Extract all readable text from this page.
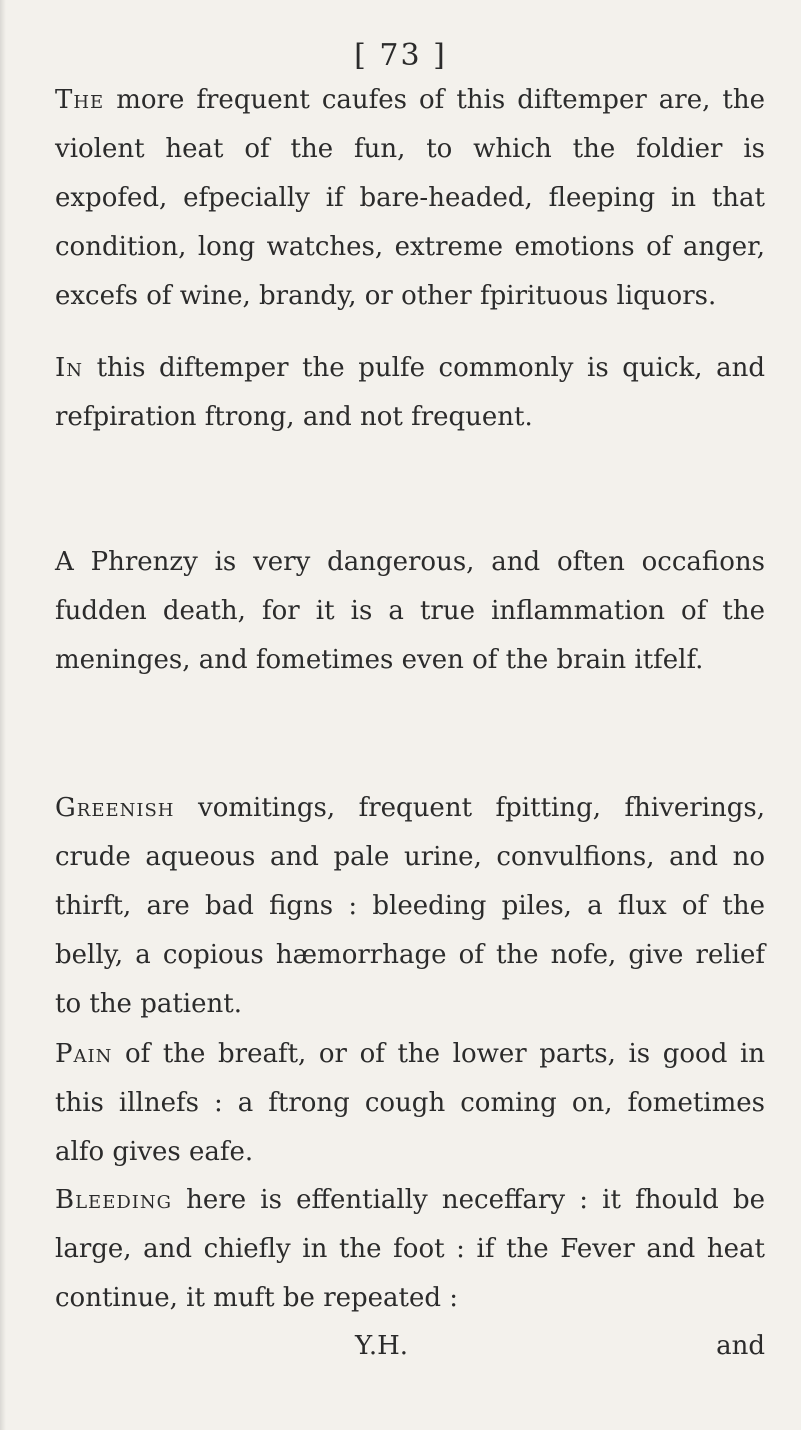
[ 73 ]

The more frequent caufes of this diftemper are, the violent heat of the fun, to which the foldier is expofed, efpecially if bare-headed, fleeping in that condition, long watches, extreme emotions of anger, excefs of wine, brandy, or other fpirituous liquors.

In this diftemper the pulfe commonly is quick, and refpiration ftrong, and not frequent.

A Phrenzy is very dangerous, and often occafions fudden death, for it is a true inflammation of the meninges, and fometimes even of the brain itfelf.

Greenish vomitings, frequent fpitting, fhiverings, crude aqueous and pale urine, convulfions, and no thirft, are bad figns : bleeding piles, a flux of the belly, a copious hæmorrhage of the nofe, give relief to the patient.

Pain of the breaft, or of the lower parts, is good in this illnefs : a ftrong cough coming on, fometimes alfo gives eafe.

Bleeding here is effentially neceffary : it fhould be large, and chiefly in the foot : if the Fever and heat continue, it muft be repeated :

Y.H.	and
